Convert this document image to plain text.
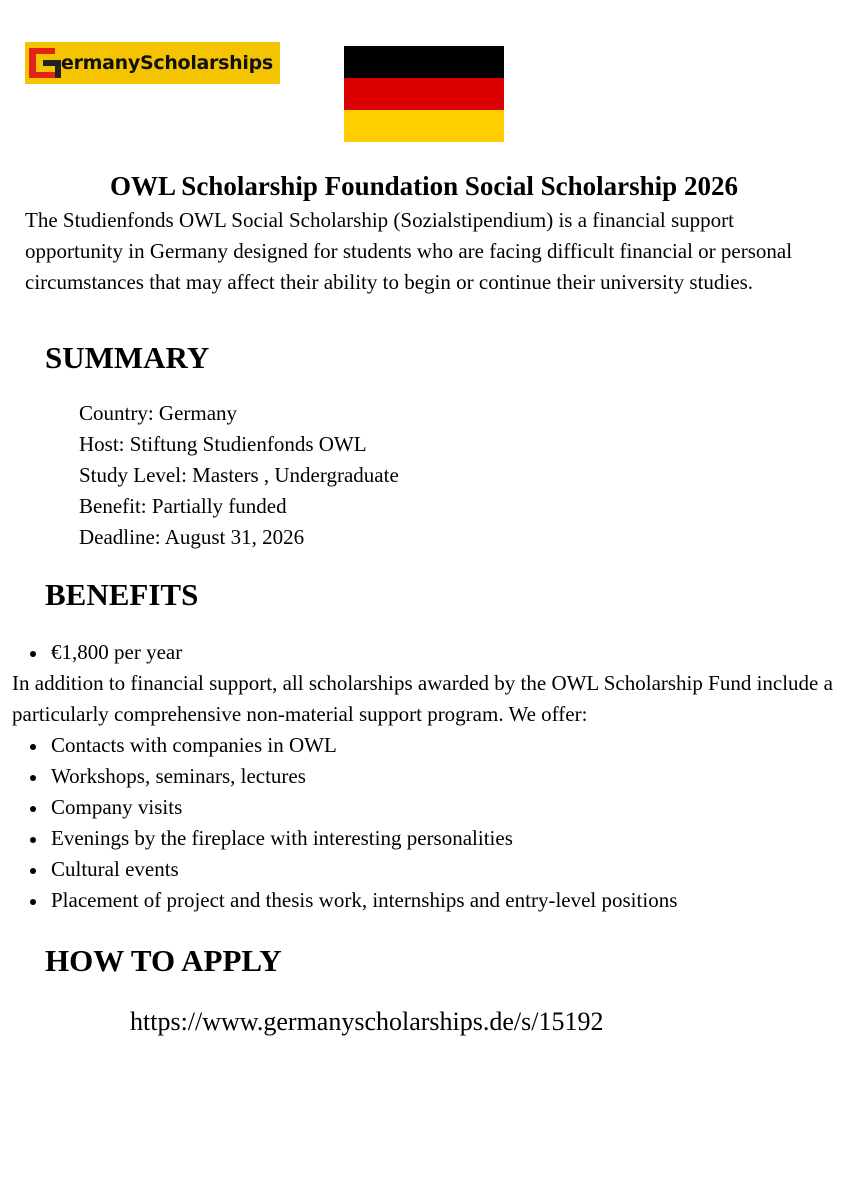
ermanyScholarships
OWL Scholarship Foundation Social Scholarship 2026

The Studienfonds OWL Social Scholarship (Sozialstipendium) is a financial support opportunity in Germany designed for students who are facing difficult financial or personal circumstances that may affect their ability to begin or continue their university studies.

SUMMARY
Country: Germany
Host: Stiftung Studienfonds OWL
Study Level: Masters , Undergraduate
Benefit: Partially funded
Deadline: August 31, 2026
BENEFITS
€1,800 per year

In addition to financial support, all scholarships awarded by the OWL Scholarship Fund include a particularly comprehensive non-material support program. We offer:

Contacts with companies in OWL
Workshops, seminars, lectures
Company visits
Evenings by the fireplace with interesting personalities
Cultural events
Placement of project and thesis work, internships and entry-level positions
HOW TO APPLY

https://www.germanyscholarships.de/s/15192
